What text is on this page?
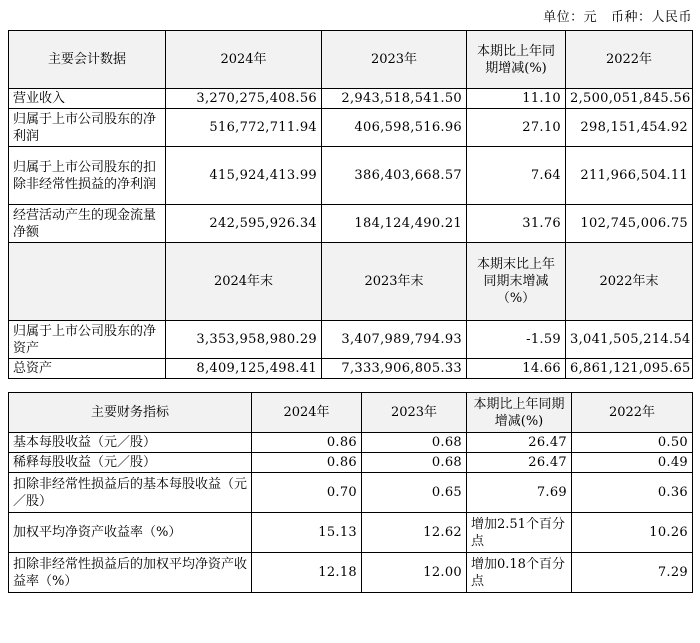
单位：元 币种：人民币
主要会计数据	2024年	2023年	本期比上年同期增减(%)	2022年
营业收入	3,270,275,408.56	2,943,518,541.50	11.10	2,500,051,845.56
归属于上市公司股东的净利润	516,772,711.94	406,598,516.96	27.10	298,151,454.92
归属于上市公司股东的扣除非经常性损益的净利润	415,924,413.99	386,403,668.57	7.64	211,966,504.11
经营活动产生的现金流量净额	242,595,926.34	184,124,490.21	31.76	102,745,006.75
	2024年末	2023年末	本期末比上年同期末增减（%）	2022年末
归属于上市公司股东的净资产	3,353,958,980.29	3,407,989,794.93	-1.59	3,041,505,214.54
总资产	8,409,125,498.41	7,333,906,805.33	14.66	6,861,121,095.65
主要财务指标	2024年	2023年	本期比上年同期增减(%)	2022年
基本每股收益（元／股）	0.86	0.68	26.47	0.50
稀释每股收益（元／股）	0.86	0.68	26.47	0.49
扣除非经常性损益后的基本每股收益（元／股）	0.70	0.65	7.69	0.36
加权平均净资产收益率（%）	15.13	12.62	增加2.51个百分点	10.26
扣除非经常性损益后的加权平均净资产收益率（%）	12.18	12.00	增加0.18个百分点	7.29
